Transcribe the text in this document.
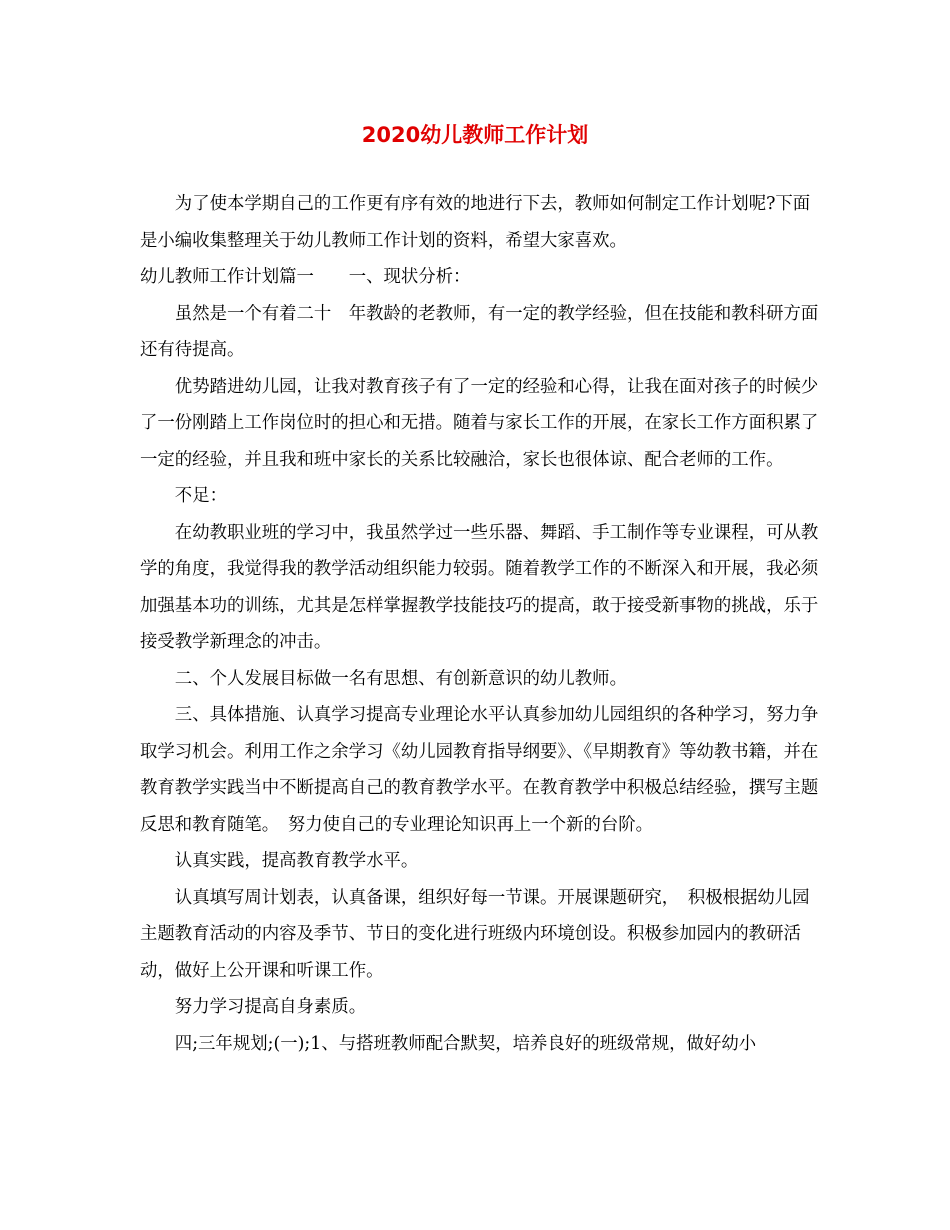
2020幼儿教师工作计划

为了使本学期自己的工作更有序有效的地进行下去，教师如何制定工作计划呢?下面是小编收集整理关于幼儿教师工作计划的资料，希望大家喜欢。

幼儿教师工作计划篇一　　一、现状分析：

虽然是一个有着二十　年教龄的老教师，有一定的教学经验，但在技能和教科研方面还有待提高。

优势踏进幼儿园，让我对教育孩子有了一定的经验和心得，让我在面对孩子的时候少了一份刚踏上工作岗位时的担心和无措。随着与家长工作的开展，在家长工作方面积累了一定的经验，并且我和班中家长的关系比较融洽，家长也很体谅、配合老师的工作。

不足：

在幼教职业班的学习中，我虽然学过一些乐器、舞蹈、手工制作等专业课程，可从教学的角度，我觉得我的教学活动组织能力较弱。随着教学工作的不断深入和开展，我必须加强基本功的训练，尤其是怎样掌握教学技能技巧的提高，敢于接受新事物的挑战，乐于接受教学新理念的冲击。

二、个人发展目标做一名有思想、有创新意识的幼儿教师。

三、具体措施、认真学习提高专业理论水平认真参加幼儿园组织的各种学习，努力争取学习机会。利用工作之余学习《幼儿园教育指导纲要》、《早期教育》等幼教书籍，并在教育教学实践当中不断提高自己的教育教学水平。在教育教学中积极总结经验，撰写主题反思和教育随笔。　努力使自己的专业理论知识再上一个新的台阶。

认真实践，提高教育教学水平。

认真填写周计划表，认真备课，组织好每一节课。开展课题研究，　积极根据幼儿园主题教育活动的内容及季节、节日的变化进行班级内环境创设。积极参加园内的教研活动，做好上公开课和听课工作。

努力学习提高自身素质。

四;三年规划;(一);1、与搭班教师配合默契，培养良好的班级常规，做好幼小
